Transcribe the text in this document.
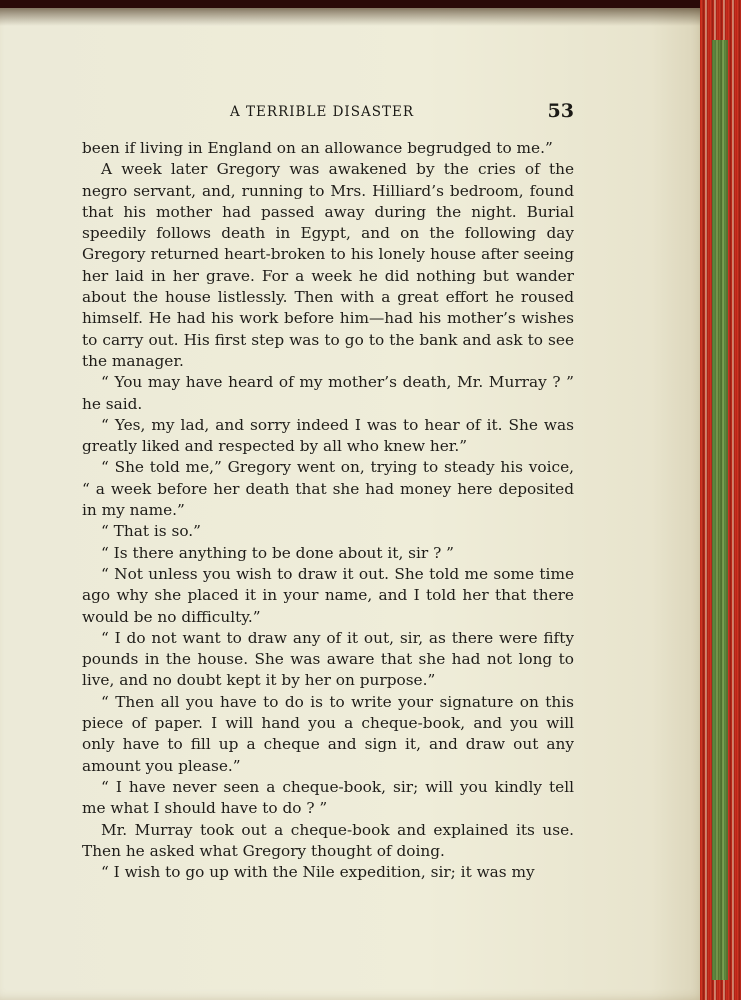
A TERRIBLE DISASTER	53

been if living in England on an allowance begrudged to me.”

A week later Gregory was awakened by the cries of the negro servant, and, running to Mrs. Hilliard’s bedroom, found that his mother had passed away during the night. Burial speedily follows death in Egypt, and on the following day Gregory returned heart-broken to his lonely house after seeing her laid in her grave. For a week he did nothing but wander about the house listlessly. Then with a great effort he roused himself. He had his work before him—had his mother’s wishes to carry out. His first step was to go to the bank and ask to see the manager.

“ You may have heard of my mother’s death, Mr. Murray ? ” he said.

“ Yes, my lad, and sorry indeed I was to hear of it. She was greatly liked and respected by all who knew her.”

“ She told me,” Gregory went on, trying to steady his voice, “ a week before her death that she had money here deposited in my name.”

“ That is so.”

“ Is there anything to be done about it, sir ? ”

“ Not unless you wish to draw it out. She told me some time ago why she placed it in your name, and I told her that there would be no difficulty.”

“ I do not want to draw any of it out, sir, as there were fifty pounds in the house. She was aware that she had not long to live, and no doubt kept it by her on purpose.”

“ Then all you have to do is to write your signature on this piece of paper. I will hand you a cheque-book, and you will only have to fill up a cheque and sign it, and draw out any amount you please.”

“ I have never seen a cheque-book, sir; will you kindly tell me what I should have to do ? ”

Mr. Murray took out a cheque-book and explained its use. Then he asked what Gregory thought of doing.

“ I wish to go up with the Nile expedition, sir; it was my
